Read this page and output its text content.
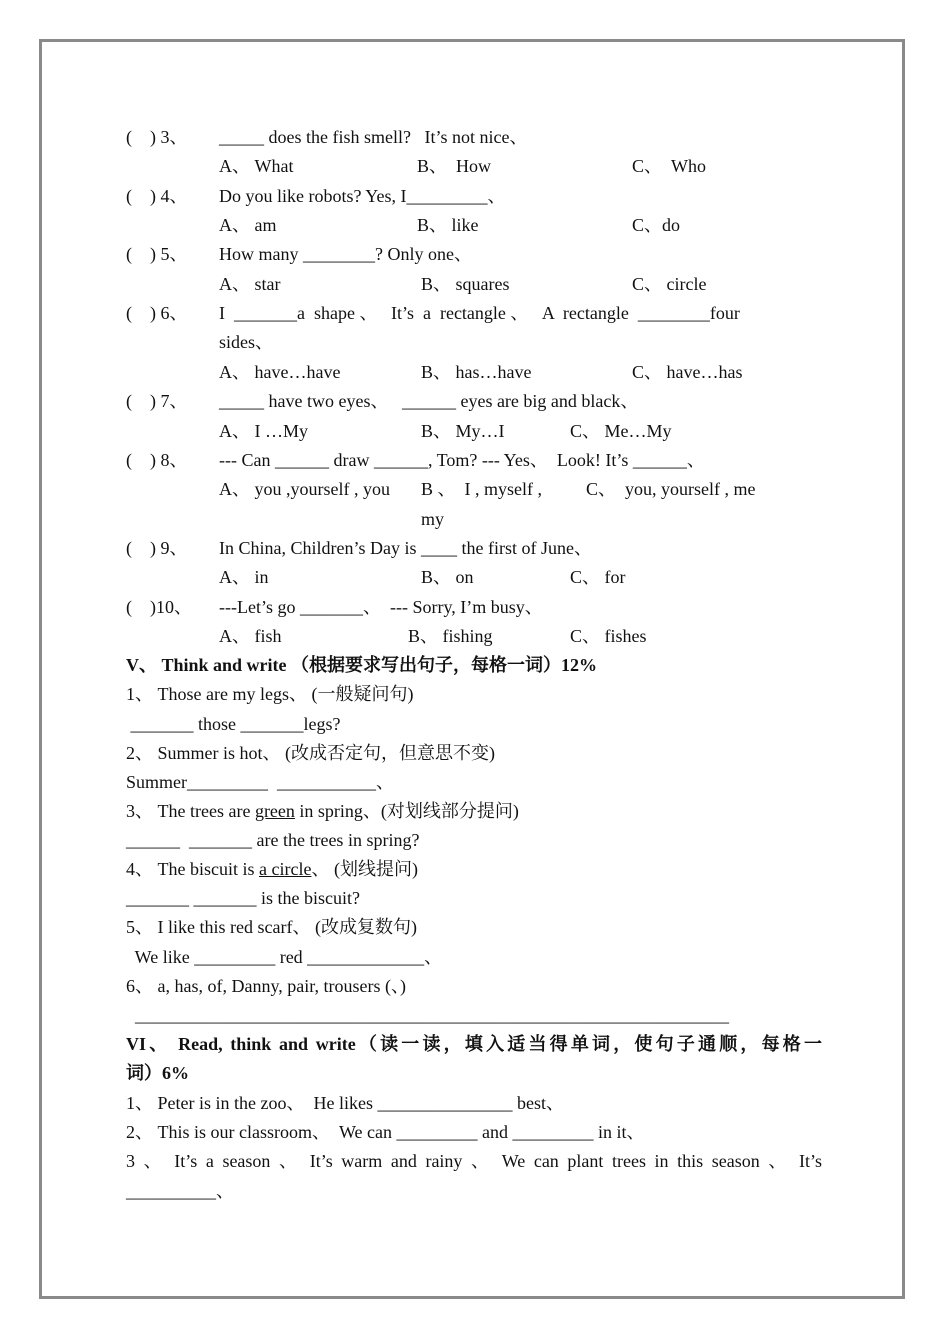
(    ) 3、 _____ does the fish smell?   It’s not nice、
A、 What	B、  How	C、  Who
(    ) 4、 Do you like robots? Yes, I_________、
A、 am	B、 like	C、do
(    ) 5、 How many ________? Only one、
A、 star	B、 squares	C、 circle
(    ) 6、 I  _______a  shape 、   It’s  a  rectangle 、   A  rectangle  ________four
sides、
A、 have…have	B、 has…have	C、 have…has
(    ) 7、 _____ have two eyes、   ______ eyes are big and black、
A、 I …My	B、 My…I	C、 Me…My
(    ) 8、 --- Can ______ draw ______, Tom? --- Yes、  Look! It’s ______、
A、 you ,yourself , you B 、  I , myself ,
my
C、  you, yourself , me
(    ) 9、 In China, Children’s Day is ____ the first of June、
A、 in	B、 on	C、 for
(    )10、 ---Let’s go _______、  --- Sorry, I’m busy、
A、 fish	B、 fishing	C、 fishes
V、 Think and write （根据要求写出句子，每格一词）12%
1、 Those are my legs、 (一般疑问句)
_______ those _______legs?
2、 Summer is hot、 (改成否定句，但意思不变)
Summer_________  ___________、
3、 The trees are green in spring、(对划线部分提问)
______  _______ are the trees in spring?
4、 The biscuit is a circle、 (划线提问)
_______ _______ is the biscuit?
5、 I like this red scarf、 (改成复数句)
We like _________ red _____________、
6、 a, has, of, Danny, pair, trousers (、)
__________________________________________________________________
VI、 Read, think and write（读一读，填入适当得单词，使句子通顺，每格一
词）6%
1、 Peter is in the zoo、  He likes _______________ best、
2、 This is our classroom、  We can _________ and _________ in it、
3 、 It’s a season 、 It’s warm and rainy 、 We can plant trees in this season 、 It’s
__________、
